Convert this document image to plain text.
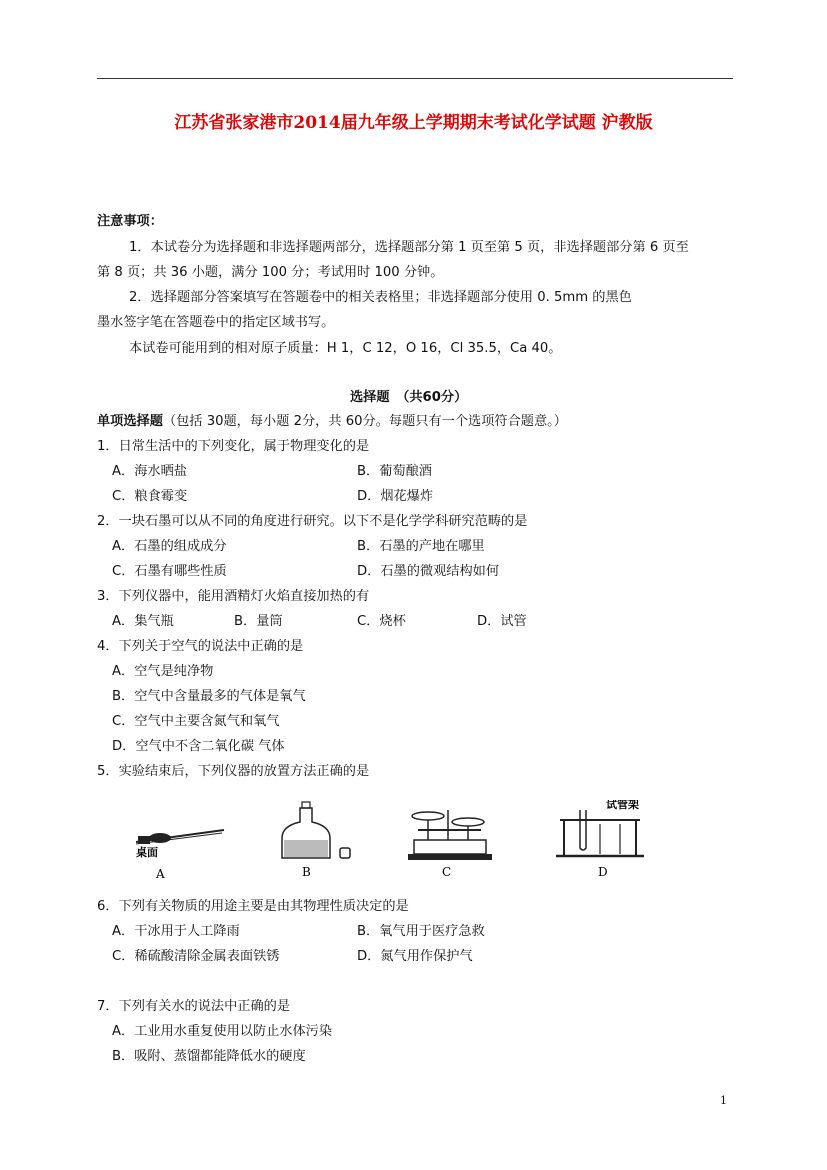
江苏省张家港市2014届九年级上学期期末考试化学试题 沪教版
注意事项：
1．本试卷分为选择题和非选择题两部分，选择题部分第 1 页至第 5 页，非选择题部分第 6 页至
第 8 页；共 36 小题，满分 100 分；考试用时 100 分钟。
2．选择题部分答案填写在答题卷中的相关表格里；非选择题部分使用 0. 5mm 的黑色
墨水签字笔在答题卷中的指定区域书写。
本试卷可能用到的相对原子质量：H 1，C 12，O 16，Cl 35.5，Ca 40。
选择题　（共60分）
单项选择题（包括 30题，每小题 2分，共 60分。每题只有一个选项符合题意。）
1．日常生活中的下列变化，属于物理变化的是
A．海水晒盐	B．葡萄酿酒
C．粮食霉变	D．烟花爆炸
2．一块石墨可以从不同的角度进行研究。以下不是化学学科研究范畴的是
A．石墨的组成成分	B．石墨的产地在哪里
C．石墨有哪些性质	D．石墨的微观结构如何
3．下列仪器中，能用酒精灯火焰直接加热的有
A．集气瓶	B．量筒	C．烧杯	D．试管
4．下列关于空气的说法中正确的是
A．空气是纯净物
B．空气中含量最多的气体是氧气
C．空气中主要含氮气和氧气
D．空气中不含二氧化碳 气体
5．实验结束后，下列仪器的放置方法正确的是
桌面
A	B	C
试管架
D
6．下列有关物质的用途主要是由其物理性质决定的是
A．干冰用于人工降雨	B．氧气用于医疗急救
C．稀硫酸清除金属表面铁锈	D．氮气用作保护气
7．下列有关水的说法中正确的是
A．工业用水重复使用以防止水体污染
B．吸附、蒸馏都能降低水的硬度
1
